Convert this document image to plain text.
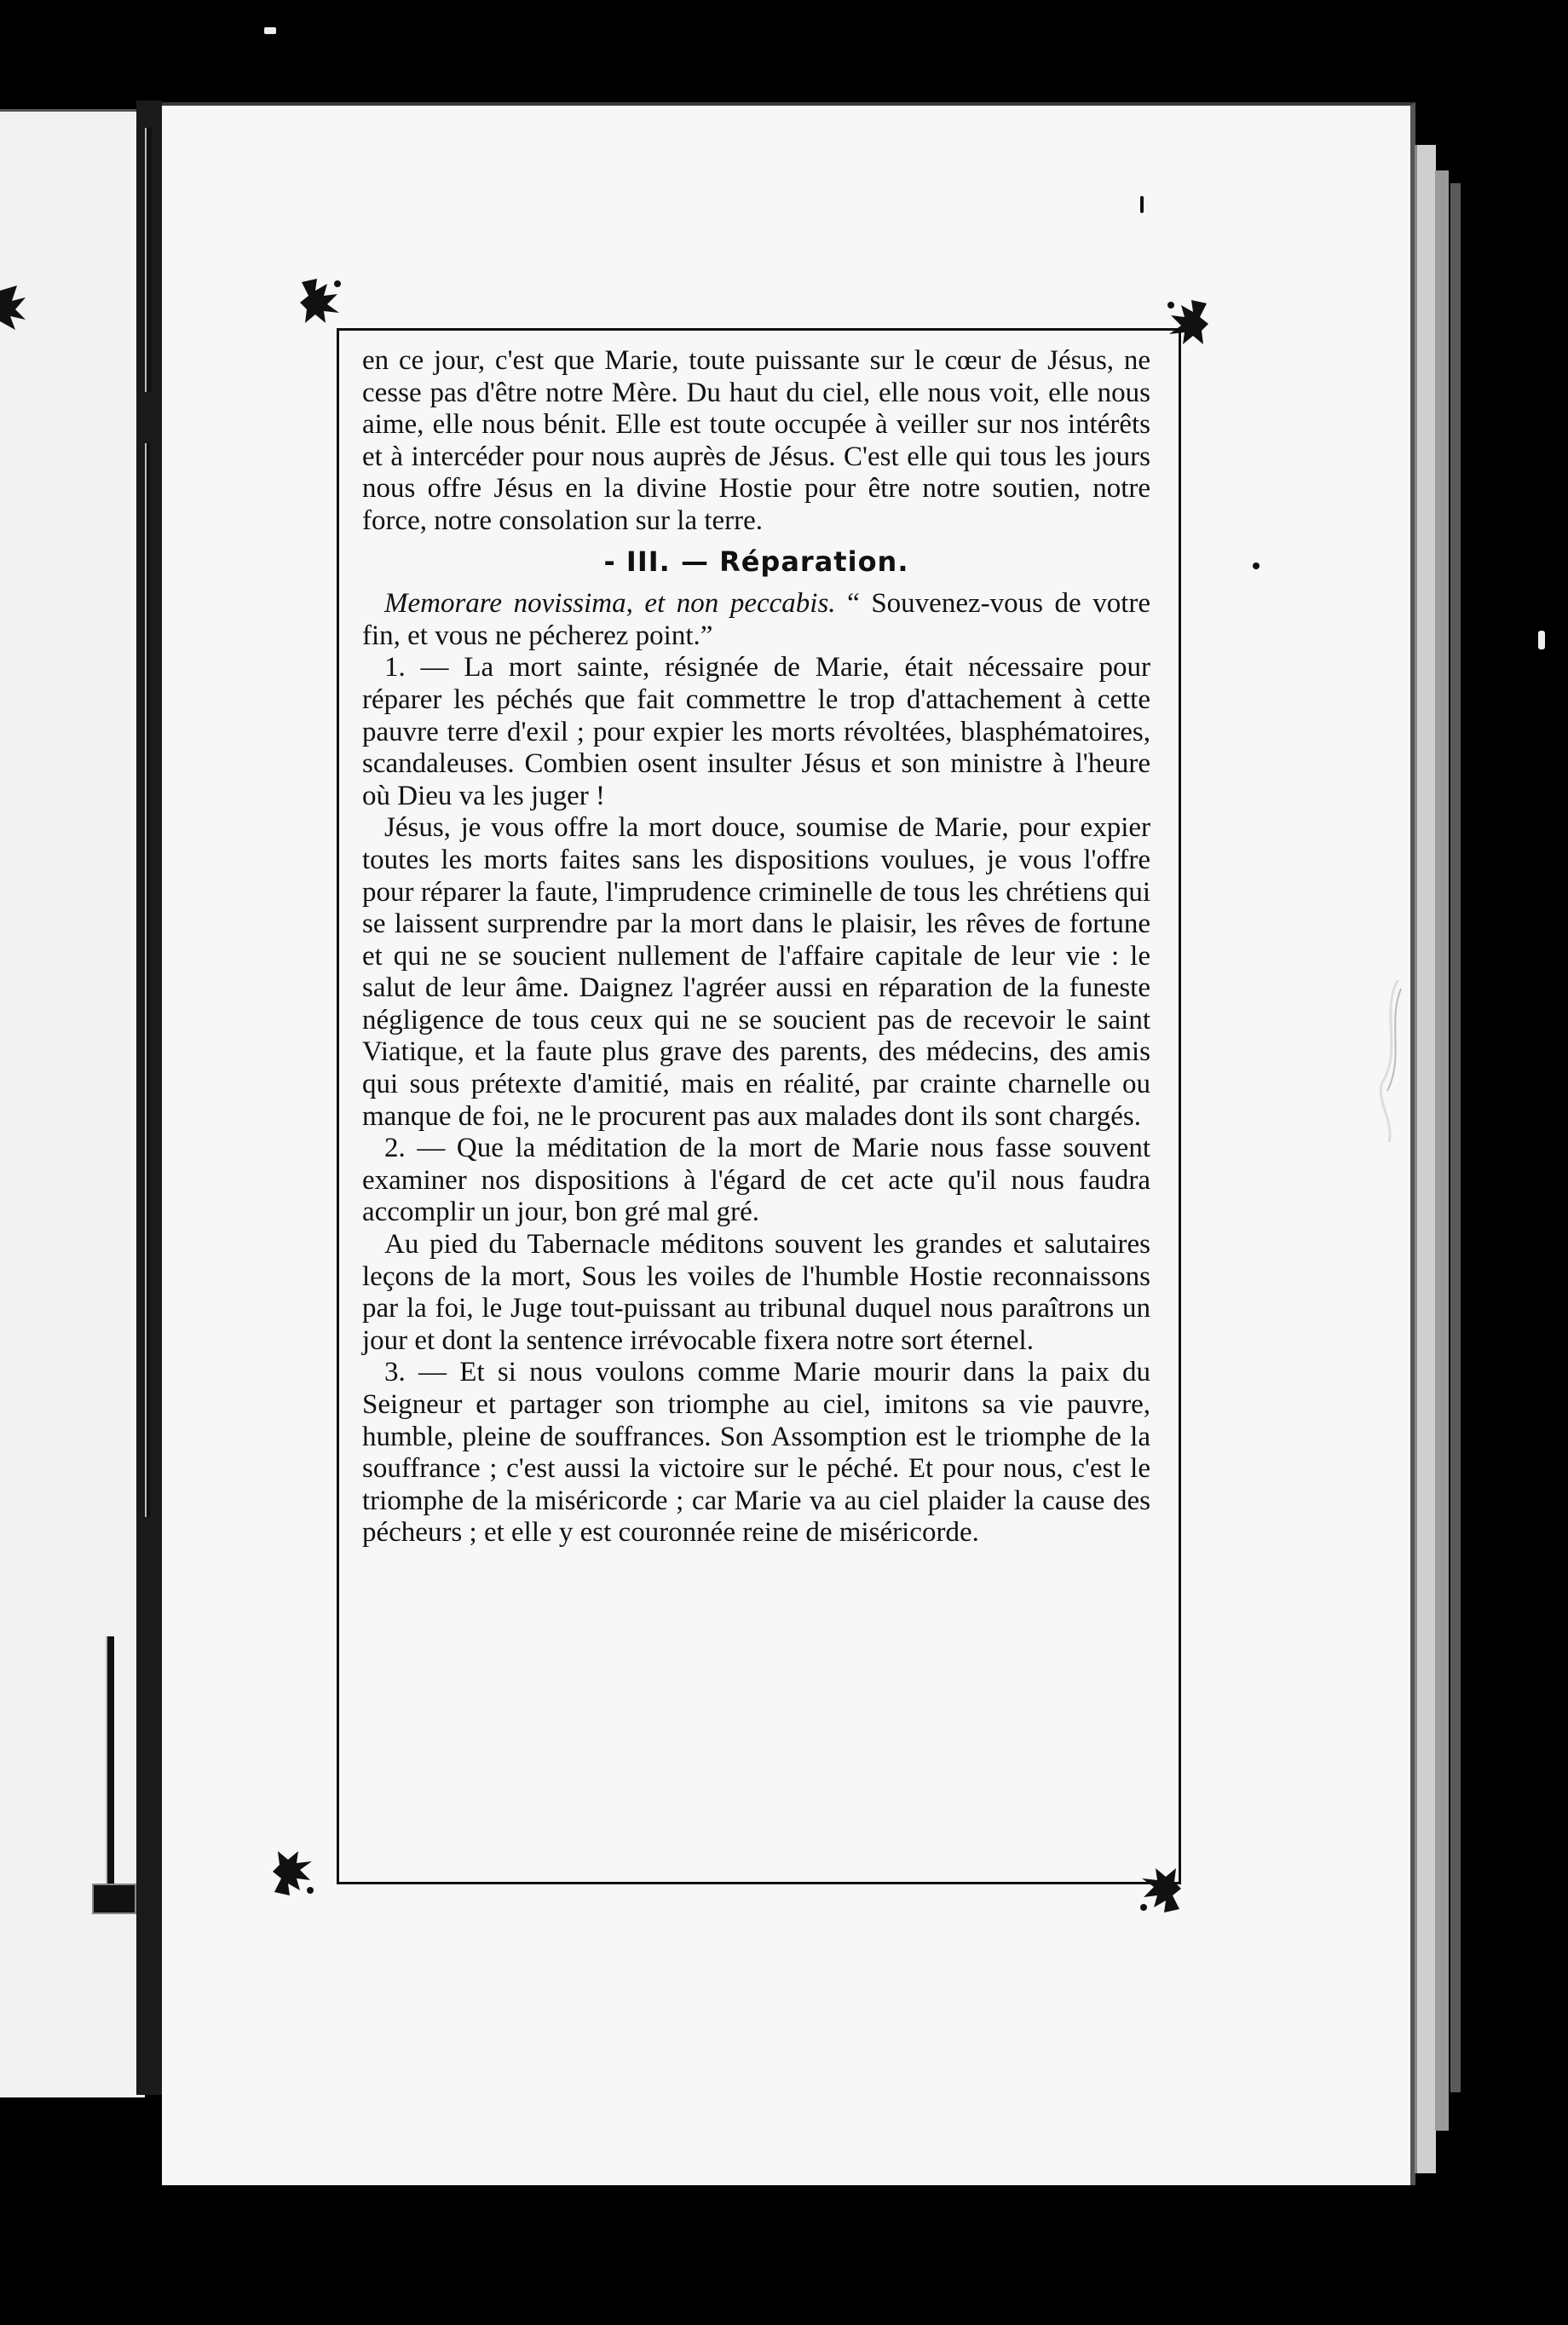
en ce jour, c'est que Marie, toute puissante sur le cœur de Jésus, ne cesse pas d'être notre Mère. Du haut du ciel, elle nous voit, elle nous aime, elle nous bénit. Elle est toute occupée à veiller sur nos intérêts et à intercéder pour nous auprès de Jésus. C'est elle qui tous les jours nous offre Jésus en la divine Hostie pour être notre soutien, notre force, notre consolation sur la terre.

- III. — Réparation.

Memorare novissima, et non peccabis. “ Souvenez-vous de votre fin, et vous ne pécherez point.”

1. — La mort sainte, résignée de Marie, était nécessaire pour réparer les péchés que fait commettre le trop d'attachement à cette pauvre terre d'exil ; pour expier les morts révoltées, blasphématoires, scandaleuses. Combien osent insulter Jésus et son ministre à l'heure où Dieu va les juger !

Jésus, je vous offre la mort douce, soumise de Marie, pour expier toutes les morts faites sans les dispositions voulues, je vous l'offre pour réparer la faute, l'imprudence criminelle de tous les chrétiens qui se laissent surprendre par la mort dans le plaisir, les rêves de fortune et qui ne se soucient nullement de l'affaire capitale de leur vie : le salut de leur âme. Daignez l'agréer aussi en réparation de la funeste négligence de tous ceux qui ne se soucient pas de recevoir le saint Viatique, et la faute plus grave des parents, des médecins, des amis qui sous prétexte d'amitié, mais en réalité, par crainte charnelle ou manque de foi, ne le procurent pas aux malades dont ils sont chargés.

2. — Que la méditation de la mort de Marie nous fasse souvent examiner nos dispositions à l'égard de cet acte qu'il nous faudra accomplir un jour, bon gré mal gré.

Au pied du Tabernacle méditons souvent les grandes et salutaires leçons de la mort, Sous les voiles de l'humble Hostie reconnaissons par la foi, le Juge tout-puissant au tribunal duquel nous paraîtrons un jour et dont la sentence irrévocable fixera notre sort éternel.

3. — Et si nous voulons comme Marie mourir dans la paix du Seigneur et partager son triomphe au ciel, imitons sa vie pauvre, humble, pleine de souffrances. Son Assomption est le triomphe de la souffrance ; c'est aussi la victoire sur le péché. Et pour nous, c'est le triomphe de la miséricorde ; car Marie va au ciel plaider la cause des pécheurs ; et elle y est couronnée reine de miséricorde.
